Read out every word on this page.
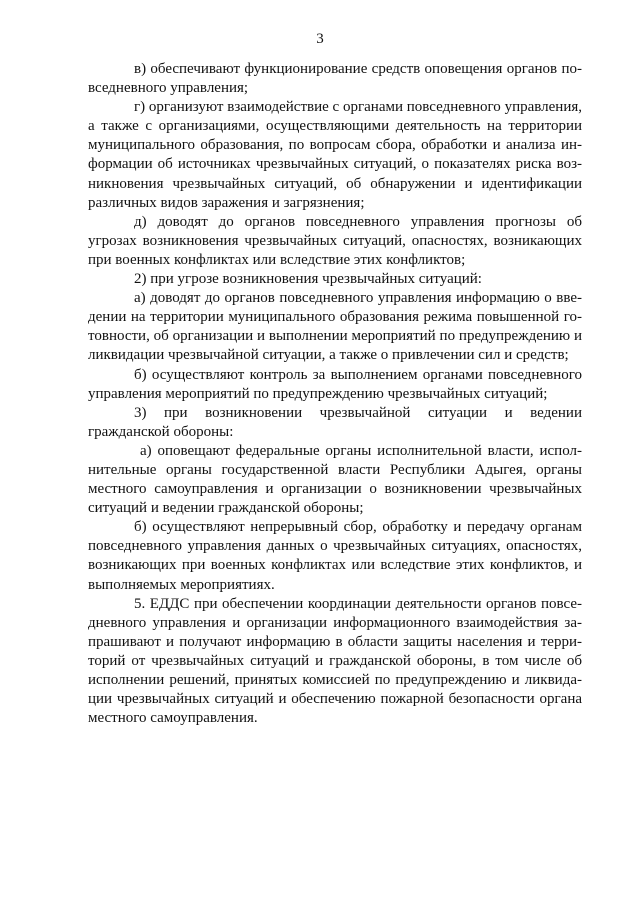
3

в) обеспечивают функционирование средств оповещения органов повседневного управления;

г) организуют взаимодействие с органами повседневного управления, а также с организациями, осуществляющими деятельность на территории муниципального образования, по вопросам сбора, обработки и анализа информации об источниках чрезвычайных ситуаций, о показателях риска возникновения чрезвычайных ситуаций, об обнаружении и идентификации различных видов заражения и загрязнения;

д) доводят до органов повседневного управления прогнозы об угрозах возникновения чрезвычайных ситуаций, опасностях, возникающих при военных конфликтах или вследствие этих конфликтов;

2) при угрозе возникновения чрезвычайных ситуаций:

а) доводят до органов повседневного управления информацию о введении на территории муниципального образования режима повышенной готовности, об организации и выполнении мероприятий по предупреждению и ликвидации чрезвычайной ситуации, а также о привлечении сил и средств;

б) осуществляют контроль за выполнением органами повседневного управления мероприятий по предупреждению чрезвычайных ситуаций;

3) при возникновении чрезвычайной ситуации и ведении гражданской обороны:

а) оповещают федеральные органы исполнительной власти, исполнительные органы государственной власти Республики Адыгея, органы местного самоуправления и организации о возникновении чрезвычайных ситуаций и ведении гражданской обороны;

б) осуществляют непрерывный сбор, обработку и передачу органам повседневного управления данных о чрезвычайных ситуациях, опасностях, возникающих при военных конфликтах или вследствие этих конфликтов, и выполняемых мероприятиях.

5. ЕДДС при обеспечении координации деятельности органов повседневного управления и организации информационного взаимодействия запрашивают и получают информацию в области защиты населения и территорий от чрезвычайных ситуаций и гражданской обороны, в том числе об исполнении решений, принятых комиссией по предупреждению и ликвидации чрезвычайных ситуаций и обеспечению пожарной безопасности органа местного самоуправления.
